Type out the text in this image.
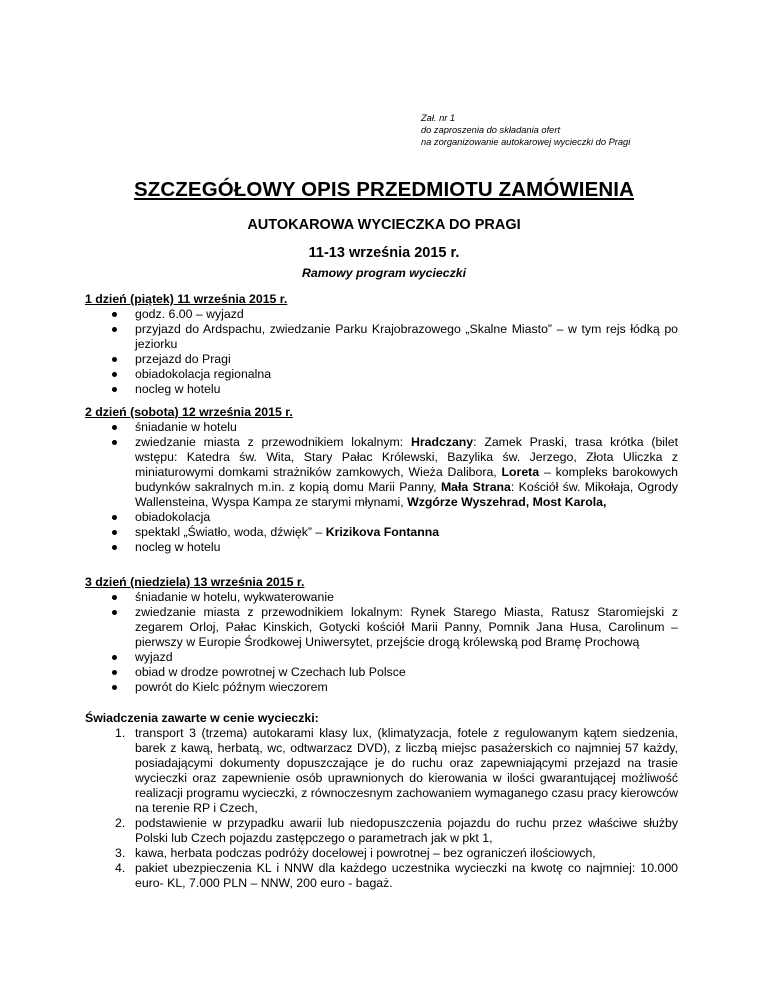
Zał. nr 1
do zaproszenia do składania ofert
na zorganizowanie autokarowej wycieczki do Pragi
SZCZEGÓŁOWY OPIS PRZEDMIOTU ZAMÓWIENIA
AUTOKAROWA WYCIECZKA DO PRAGI
11-13 września 2015 r.
Ramowy program wycieczki
1 dzień (piątek) 11 września 2015 r.
godz. 6.00 – wyjazd
przyjazd do Ardspachu, zwiedzanie Parku Krajobrazowego „Skalne Miasto” – w tym rejs łódką po jeziorku
przejazd do Pragi
obiadokolacja regionalna
nocleg w hotelu
2 dzień (sobota) 12 września 2015 r.
śniadanie w hotelu
zwiedzanie miasta z przewodnikiem lokalnym: Hradczany: Zamek Praski, trasa krótka (bilet wstępu: Katedra św. Wita, Stary Pałac Królewski, Bazylika św. Jerzego, Złota Uliczka z miniaturowymi domkami strażników zamkowych, Wieża Dalibora, Loreta – kompleks barokowych budynków sakralnych m.in. z kopią domu Marii Panny, Mała Strana: Kościół św. Mikołaja, Ogrody Wallensteina, Wyspa Kampa ze starymi młynami, Wzgórze Wyszehrad, Most Karola,
obiadokolacja
spektakl „Światło, woda, dźwięk” – Krizikova Fontanna
nocleg w hotelu
3 dzień (niedziela) 13 września 2015 r.
śniadanie w hotelu, wykwaterowanie
zwiedzanie miasta z przewodnikiem lokalnym: Rynek Starego Miasta, Ratusz Staromiejski z zegarem Orloj, Pałac Kinskich, Gotycki kościół Marii Panny, Pomnik Jana Husa, Carolinum – pierwszy w Europie Środkowej Uniwersytet, przejście drogą królewską pod Bramę Prochową
wyjazd
obiad w drodze powrotnej w Czechach lub Polsce
powrót do Kielc późnym wieczorem
Świadczenia zawarte w cenie wycieczki:
1. transport 3 (trzema) autokarami klasy lux, (klimatyzacja, fotele z regulowanym kątem siedzenia, barek z kawą, herbatą, wc, odtwarzacz DVD), z liczbą miejsc pasażerskich co najmniej 57 każdy, posiadającymi dokumenty dopuszczające je do ruchu oraz zapewniającymi przejazd na trasie wycieczki oraz zapewnienie osób uprawnionych do kierowania w ilości gwarantującej możliwość realizacji programu wycieczki, z równoczesnym zachowaniem wymaganego czasu pracy kierowców na terenie RP i Czech,
2. podstawienie w przypadku awarii lub niedopuszczenia pojazdu do ruchu przez właściwe służby Polski lub Czech pojazdu zastępczego o parametrach jak w pkt 1,
3. kawa, herbata podczas podróży docelowej i powrotnej – bez ograniczeń ilościowych,
4. pakiet ubezpieczenia KL i NNW dla każdego uczestnika wycieczki na kwotę co najmniej: 10.000 euro- KL, 7.000 PLN – NNW, 200 euro - bagaż.
